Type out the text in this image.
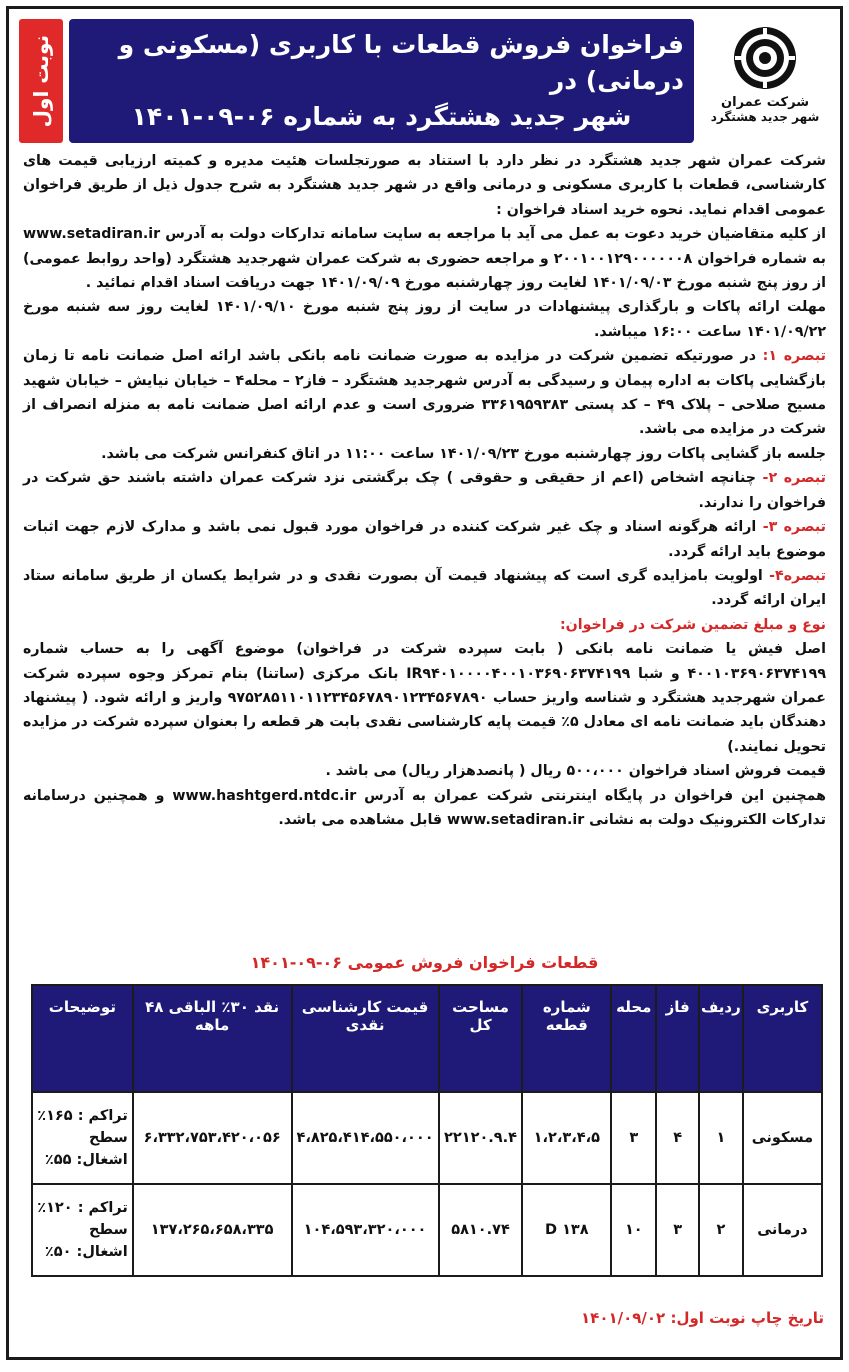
شرکت عمران
شهر جدید هشتگرد
فراخوان فروش قطعات با کاربری (مسکونی و درمانی) در
شهر جدید هشتگرد به شماره ۰۶-۰۹-۱۴۰۱
نوبت اول

شرکت عمران شهر جدید هشتگرد در نظر دارد با استناد به صورتجلسات هئیت مدیره و کمیته ارزیابی قیمت های کارشناسی، قطعات با کاربری مسکونی و درمانی واقع در شهر جدید هشتگرد به شرح جدول ذیل از طریق فراخوان عمومی اقدام نماید. نحوه خرید اسناد فراخوان :

از کلیه متقاضیان خرید دعوت به عمل می آید با مراجعه به سایت سامانه تدارکات دولت به آدرس www.setadiran.ir به شماره فراخوان ۲۰۰۱۰۰۱۲۹۰۰۰۰۰۰۸ و مراجعه حضوری به شرکت عمران شهرجدید هشتگرد (واحد روابط عمومی) از روز پنج شنبه مورخ ۱۴۰۱/۰۹/۰۳ لغایت روز چهارشنبه مورخ ۱۴۰۱/۰۹/۰۹ جهت دریافت اسناد اقدام نمائید .

مهلت ارائه پاکات و بارگذاری پیشنهادات در سایت از روز پنج شنبه مورخ ۱۴۰۱/۰۹/۱۰ لغایت روز سه شنبه مورخ ۱۴۰۱/۰۹/۲۲ ساعت ۱۶:۰۰ میباشد.

تبصره ۱: در صورتیکه تضمین شرکت در مزایده به صورت ضمانت نامه بانکی باشد ارائه اصل ضمانت نامه تا زمان بازگشایی پاکات به اداره پیمان و رسیدگی به آدرس شهرجدید هشتگرد – فاز۲ – محله۴ – خیابان نیایش – خیابان شهید مسیح صلاحی – پلاک ۴۹ – کد پستی ۳۳۶۱۹۵۹۳۸۳ ضروری است و عدم ارائه اصل ضمانت نامه به منزله انصراف از شرکت در مزایده می باشد.

جلسه باز گشایی پاکات روز چهارشنبه مورخ ۱۴۰۱/۰۹/۲۳ ساعت ۱۱:۰۰ در اتاق کنفرانس شرکت می باشد.

تبصره ۲- چنانچه اشخاص (اعم از حقیقی و حقوقی ) چک برگشتی نزد شرکت عمران داشته باشند حق شرکت در فراخوان را ندارند.

تبصره ۳- ارائه هرگونه اسناد و چک غیر شرکت کننده در فراخوان مورد قبول نمی باشد و مدارک لازم جهت اثبات موضوع باید ارائه گردد.

تبصره۴- اولویت بامزایده گری است که پیشنهاد قیمت آن بصورت نقدی و در شرایط یکسان از طریق سامانه ستاد ایران ارائه گردد.

نوع و مبلغ تضمین شرکت در فراخوان:

اصل فیش یا ضمانت نامه بانکی ( بابت سپرده شرکت در فراخوان) موضوع آگهی را به حساب شماره ۴۰۰۱۰۳۶۹۰۶۳۷۴۱۹۹ و شبا IR۹۴۰۱۰۰۰۰۴۰۰۱۰۳۶۹۰۶۳۷۴۱۹۹ بانک مرکزی (ساتنا) بنام تمرکز وجوه سپرده شرکت عمران شهرجدید هشتگرد و شناسه واریز حساب ۹۷۵۲۸۵۱۱۰۱۱۲۳۴۵۶۷۸۹۰۱۲۳۴۵۶۷۸۹۰ واریز و ارائه شود. ( پیشنهاد دهندگان باید ضمانت نامه ای معادل ۵٪ قیمت پایه کارشناسی نقدی بابت هر قطعه را بعنوان سپرده شرکت در مزایده تحویل نمایند.)

قیمت فروش اسناد فراخوان ۵۰۰،۰۰۰ ریال ( پانصدهزار ریال) می باشد .

همچنین این فراخوان در پایگاه اینترنتی شرکت عمران به آدرس www.hashtgerd.ntdc.ir و همچنین درسامانه تدارکات الکترونیک دولت به نشانی www.setadiran.ir قابل مشاهده می باشد.

قطعات فراخوان فروش عمومی ۰۶-۰۹-۱۴۰۱
کاربری	ردیف	فاز	محله	شماره قطعه	مساحت کل	قیمت کارشناسی نقدی	نقد ۳۰٪ الباقی ۴۸ ماهه	توضیحات
مسکونی	۱	۴	۳	۱،۲،۳،۴،۵	۲۲۱۲۰.۹.۴	۴،۸۲۵،۴۱۴،۵۵۰،۰۰۰	۶،۳۳۲،۷۵۳،۴۲۰،۰۵۶	تراکم : ۱۶۵٪ سطح اشغال: ۵۵٪
درمانی	۲	۳	۱۰	D ۱۳۸	۵۸۱۰.۷۴	۱۰۴،۵۹۳،۳۲۰،۰۰۰	۱۳۷،۲۶۵،۶۵۸،۳۳۵	تراکم : ۱۲۰٪ سطح اشغال: ۵۰٪
تاریخ چاپ نوبت اول: ۱۴۰۱/۰۹/۰۲
